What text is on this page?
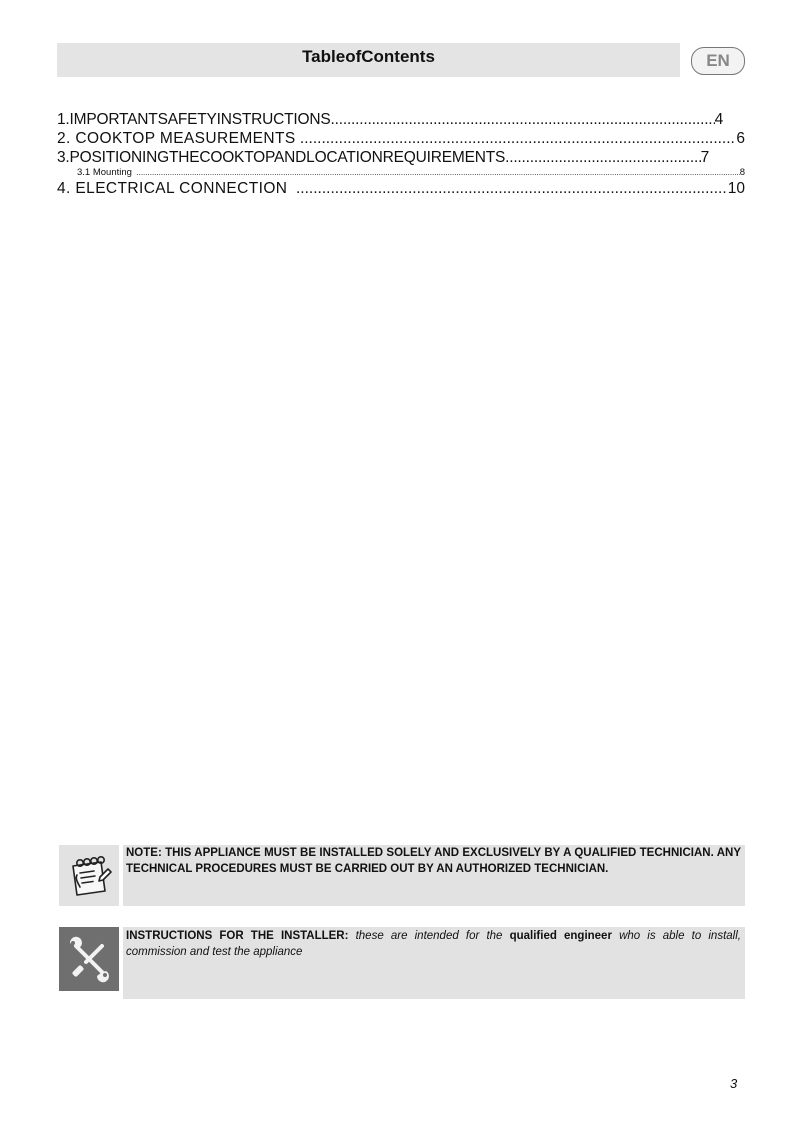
TableofContents	EN
1.IMPORTANTSAFETYINSTRUCTIONS .....	4
2. COOKTOP MEASUREMENTS .....	6
3.POSITIONINGTHECOOKTOPANDLOCATIONREQUIREMENTS .....	7
3.1 Mounting .....	8
4. ELECTRICAL CONNECTION .....	10
NOTE: THIS APPLIANCE MUST BE INSTALLED SOLELY AND EXCLUSIVELY BY A QUALIFIED TECHNICIAN. ANY TECHNICAL PROCEDURES MUST BE CARRIED OUT BY AN AUTHORIZED TECHNICIAN.
INSTRUCTIONS FOR THE INSTALLER: these are intended for the qualified engineer who is able to install, commission and test the appliance
3
